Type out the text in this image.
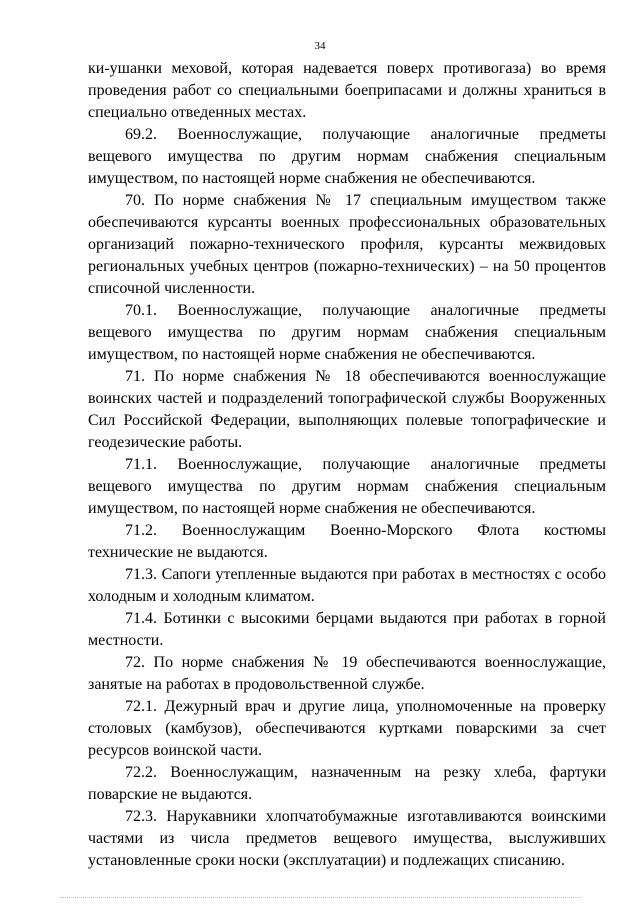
34

ки-ушанки меховой, которая надевается поверх противогаза) во время проведения работ со специальными боеприпасами и должны храниться в специально отведенных местах.

69.2. Военнослужащие, получающие аналогичные предметы вещевого имущества по другим нормам снабжения специальным имуществом, по настоящей норме снабжения не обеспечиваются.

70. По норме снабжения № 17 специальным имуществом также обеспечиваются курсанты военных профессиональных образовательных организаций пожарно-технического профиля, курсанты межвидовых региональных учебных центров (пожарно-технических) – на 50 процентов списочной численности.

70.1. Военнослужащие, получающие аналогичные предметы вещевого имущества по другим нормам снабжения специальным имуществом, по настоящей норме снабжения не обеспечиваются.

71. По норме снабжения № 18 обеспечиваются военнослужащие воинских частей и подразделений топографической службы Вооруженных Сил Российской Федерации, выполняющих полевые топографические и геодезические работы.

71.1. Военнослужащие, получающие аналогичные предметы вещевого имущества по другим нормам снабжения специальным имуществом, по настоящей норме снабжения не обеспечиваются.

71.2. Военнослужащим Военно-Морского Флота костюмы технические не выдаются.

71.3. Сапоги утепленные выдаются при работах в местностях с особо холодным и холодным климатом.

71.4. Ботинки с высокими берцами выдаются при работах в горной местности.

72. По норме снабжения № 19 обеспечиваются военнослужащие, занятые на работах в продовольственной службе.

72.1. Дежурный врач и другие лица, уполномоченные на проверку столовых (камбузов), обеспечиваются куртками поварскими за счет ресурсов воинской части.

72.2. Военнослужащим, назначенным на резку хлеба, фартуки поварские не выдаются.

72.3. Нарукавники хлопчатобумажные изготавливаются воинскими частями из числа предметов вещевого имущества, выслуживших установленные сроки носки (эксплуатации) и подлежащих списанию.
